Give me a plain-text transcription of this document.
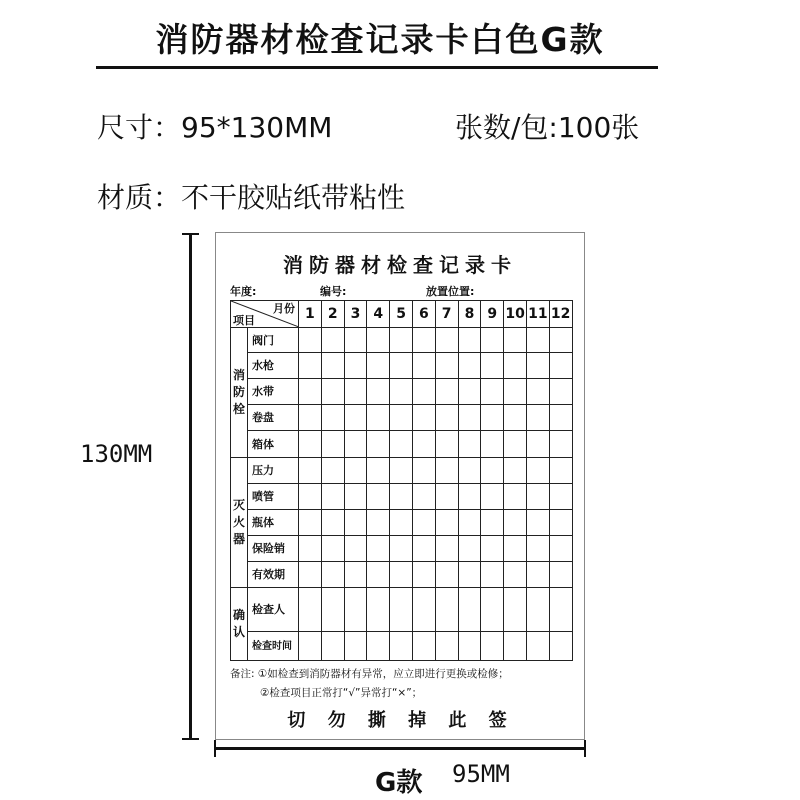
消防器材检查记录卡白色G款
尺寸：95*130MM	张数/包:100张
材质：不干胶贴纸带粘性
消防器材检查记录卡
年度:	编号:	放置位置:
月份
项目		1	2	3	4	5	6	7	8	9	10	11	12

消防栓	阀门												
	水枪												
	水带												
	卷盘												
	箱体												

灭火器	压力												
	喷管												
	瓶体												
	保险销												
	有效期												

确认	检查人												
	检查时间												
备注: ①如检查到消防器材有异常，应立即进行更换或检修；
②检查项目正常打“√”异常打“×”；
切 勿 撕 掉 此 签
130MM
G款 95MM
